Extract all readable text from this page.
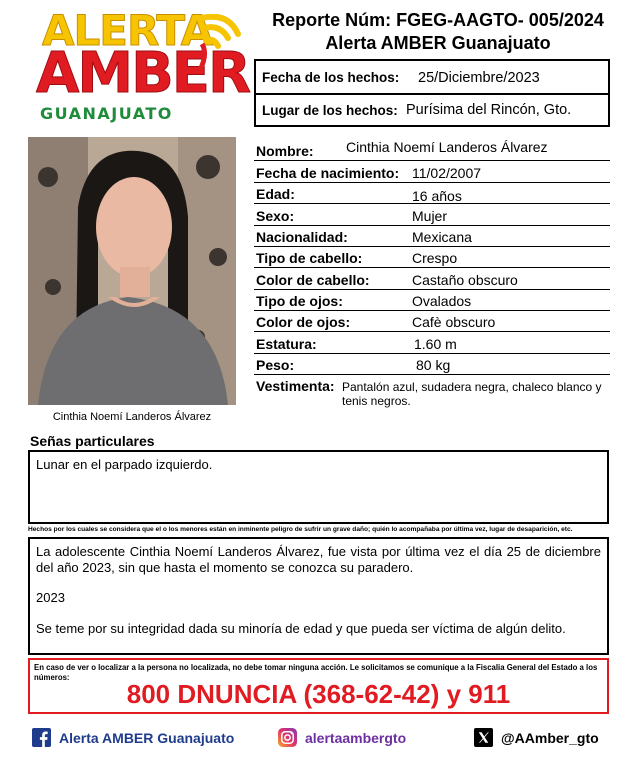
ALERTA
AMBER
GUANAJUATO
Reporte Núm: FGEG-AAGTO- 005/2024
Alerta AMBER Guanajuato
Fecha de los hechos: 25/Diciembre/2023
Lugar de los hechos: Purísima del Rincón, Gto.
Cinthia Noemí Landeros Álvarez
Nombre: Cinthia Noemí Landeros Álvarez
Fecha de nacimiento: 11/02/2007
Edad:	16 años
Sexo:	Mujer
Nacionalidad:	Mexicana
Tipo de cabello:	Crespo
Color de cabello:	Castaño obscuro
Tipo de ojos:	Ovalados
Color de ojos:	Cafè obscuro
Estatura:	1.60 m
Peso:	80 kg
Vestimenta: Pantalón azul, sudadera negra, chaleco blanco y tenis negros.
Señas particulares
Lunar en el parpado izquierdo.
Hechos por los cuales se considera que el o los menores están en inminente peligro de sufrir un grave daño; quién lo acompañaba por última vez, lugar de desaparición, etc.

La adolescente Cinthia Noemí Landeros Álvarez, fue vista por última vez el día 25 de diciembre del año 2023, sin que hasta el momento se conozca su paradero.

2023

Se teme por su integridad dada su minoría de edad y que pueda ser víctima de algún delito.

En caso de ver o localizar a la persona no localizada, no debe tomar ninguna acción. Le solicitamos se comunique a la Fiscalia General del Estado a los números:
800 DNUNCIA (368-62-42) y 911
Alerta AMBER Guanajuato	alertaambergto	@AAmber_gto
